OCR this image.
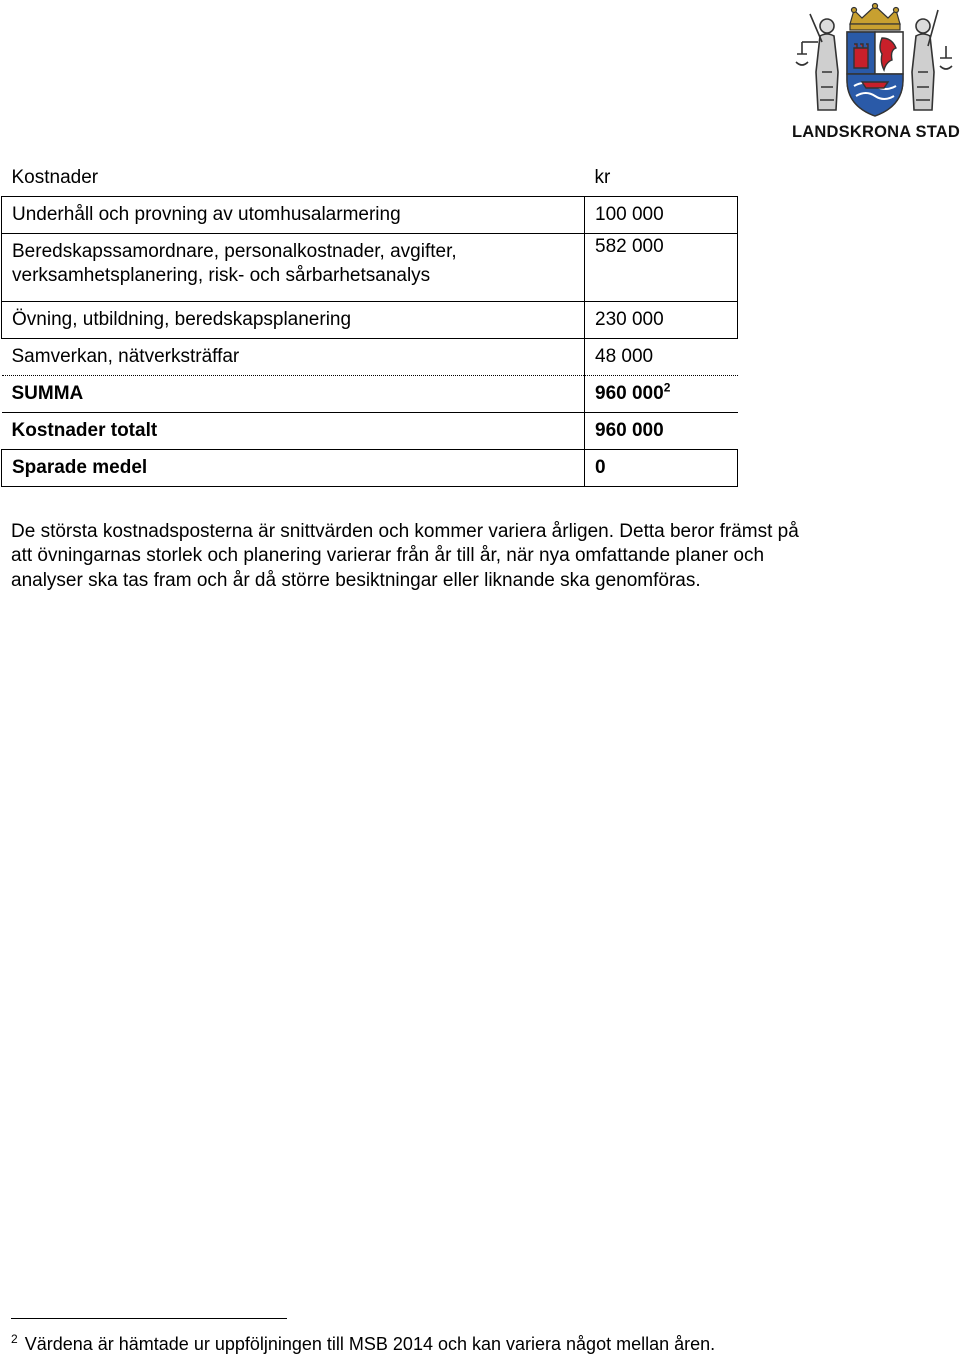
LANDSKRONA STAD
Kostnader	kr
Underhåll och provning av utomhusalarmering	100 000
Beredskapssamordnare, personalkostnader, avgifter,
verksamhetsplanering, risk- och sårbarhetsanalys	582 000
Övning, utbildning, beredskapsplanering	230 000
Samverkan, nätverksträffar	48 000
SUMMA	960 $000^2$
Kostnader totalt	960 000
Sparade medel	0

De största kostnadsposterna är snittvärden och kommer variera årligen. Detta beror främst på att övningarnas storlek och planering varierar från år till år, när nya omfattande planer och analyser ska tas fram och år då större besiktningar eller liknande ska genomföras.

$^2$ Värdena är hämtade ur uppföljningen till MSB 2014 och kan variera något mellan åren.
